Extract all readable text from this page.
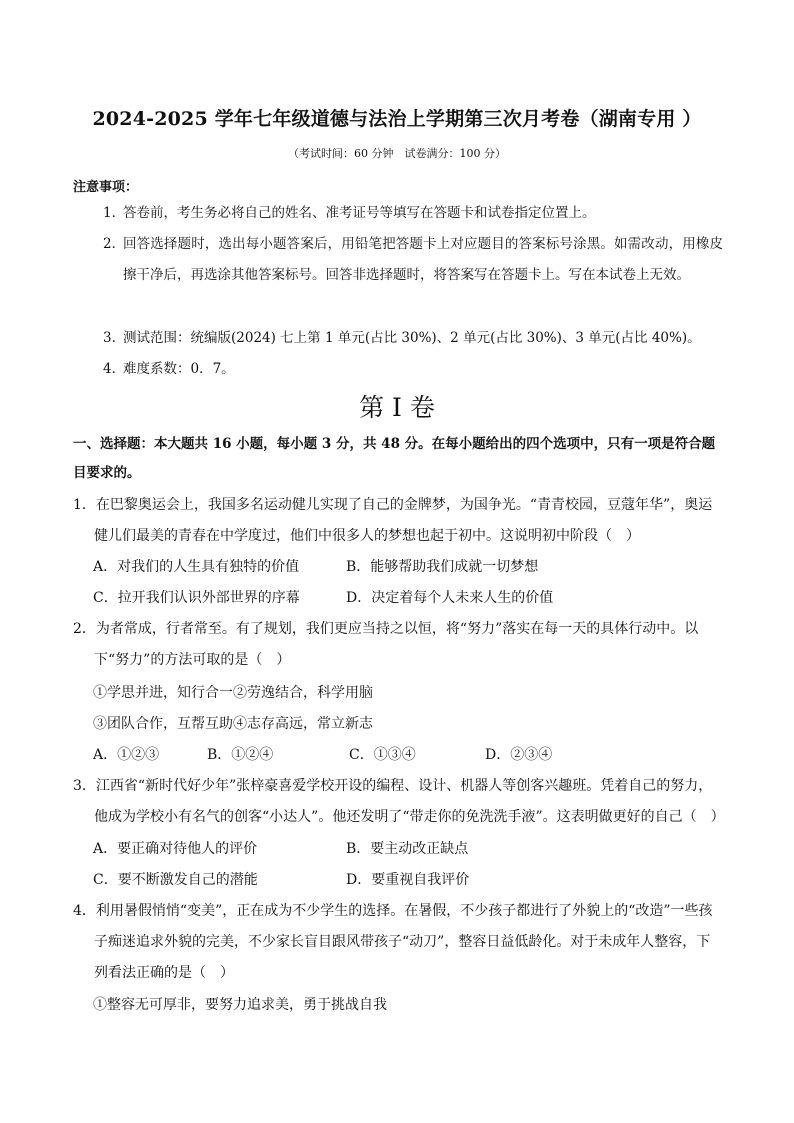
2024-2025 学年七年级道德与法治上学期第三次月考卷（湖南专用 ）
（考试时间：60 分钟　试卷满分：100 分）
注意事项：
1．答卷前，考生务必将自己的姓名、准考证号等填写在答题卡和试卷指定位置上。
2．
回答选择题时，选出每小题答案后，用铅笔把答题卡上对应题目的答案标号涂黑。如需改动，用橡皮擦干净后，再选涂其他答案标号。回答非选择题时，将答案写在答题卡上。写在本试卷上无效。
3．测试范围：统编版(2024) 七上第 1 单元(占比 30%)、2 单元(占比 30%)、3 单元(占比 40%)。
4．难度系数：0．7。
第 I 卷
一、选择题：本大题共 16 小题，每小题 3 分，共 48 分。在每小题给出的四个选项中，只有一项是符合题目要求的。
1．在巴黎奥运会上，我国多名运动健儿实现了自己的金牌梦，为国争光。“青青校园，豆蔻年华”，奥运健儿们最美的青春在中学度过，他们中很多人的梦想也起于初中。这说明初中阶段（　）
A．对我们的人生具有独特的价值	B．能够帮助我们成就一切梦想
C．拉开我们认识外部世界的序幕	D．决定着每个人未来人生的价值
2．为者常成，行者常至。有了规划，我们更应当持之以恒，将“努力”落实在每一天的具体行动中。以下“努力”的方法可取的是（　）
①学思并进，知行合一②劳逸结合，科学用脑
③团队合作，互帮互助④志存高远，常立新志
A．①②③	B．①②④	C．①③④	D．②③④
3．江西省“新时代好少年”张梓豪喜爱学校开设的编程、设计、机器人等创客兴趣班。凭着自己的努力，他成为学校小有名气的创客“小达人”。他还发明了“带走你的免洗洗手液”。这表明做更好的自己（　）
A．要正确对待他人的评价	B．要主动改正缺点
C．要不断激发自己的潜能	D．要重视自我评价
4．利用暑假悄悄“变美”，正在成为不少学生的选择。在暑假，不少孩子都进行了外貌上的“改造”一些孩子痴迷追求外貌的完美，不少家长盲目跟风带孩子“动刀”，整容日益低龄化。对于未成年人整容，下列看法正确的是（　）
①整容无可厚非，要努力追求美，勇于挑战自我
